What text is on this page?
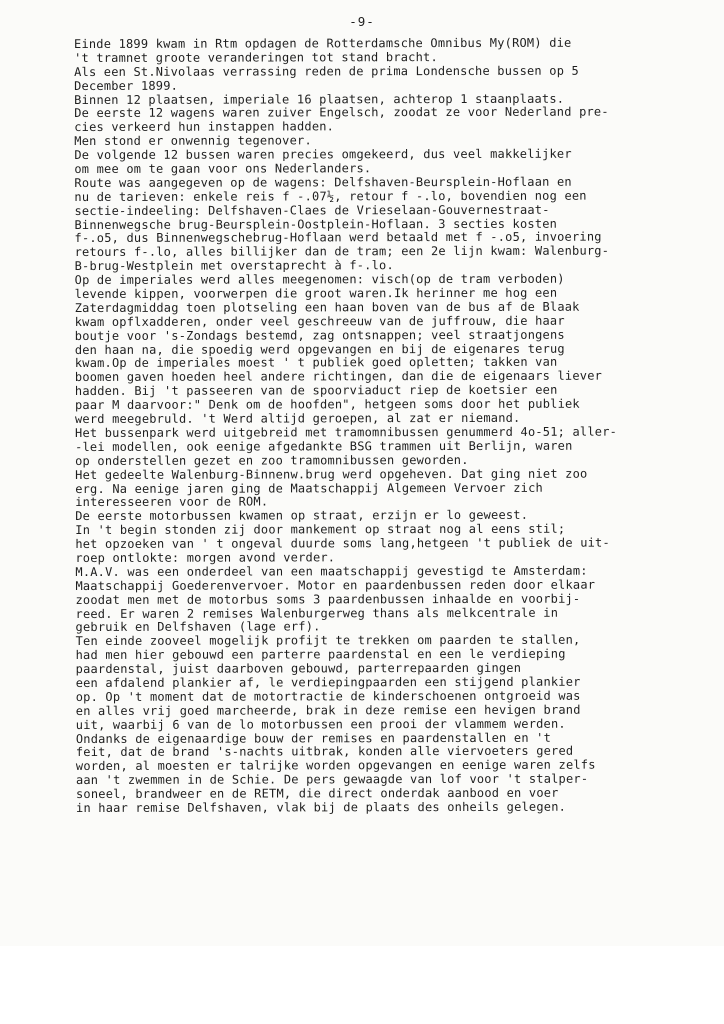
-9-
Einde 1899 kwam in Rtm opdagen de Rotterdamsche Omnibus My(ROM) die
't tramnet groote veranderingen tot stand bracht.
Als een St.Nivolaas verrassing reden de prima Londensche bussen op 5
December 1899.
Binnen 12 plaatsen, imperiale 16 plaatsen, achterop 1 staanplaats.
De eerste 12 wagens waren zuiver Engelsch, zoodat ze voor Nederland pre-
cies verkeerd hun instappen hadden.
Men stond er onwennig tegenover.
De volgende 12 bussen waren precies omgekeerd, dus veel makkelijker
om mee om te gaan voor ons Nederlanders.
Route was aangegeven op de wagens: Delfshaven-Beursplein-Hoflaan en
nu de tarieven: enkele reis f -.07½, retour f -.lo, bovendien nog een
sectie-indeeling: Delfshaven-Claes de Vrieselaan-Gouvernestraat-
Binnenwegsche brug-Beursplein-Oostplein-Hoflaan. 3 secties kosten
f-.o5, dus Binnenwegschebrug-Hoflaan werd betaald met f -.o5, invoering
retours f-.lo, alles billijker dan de tram; een 2e lijn kwam: Walenburg-
B-brug-Westplein met overstaprecht à f-.lo.
Op de imperiales werd alles meegenomen: visch(op de tram verboden)
levende kippen, voorwerpen die groot waren.Ik herinner me hog een
Zaterdagmiddag toen plotseling een haan boven van de bus af de Blaak
kwam opflxadderen, onder veel geschreeuw van de juffrouw, die haar
boutje voor 's-Zondags bestemd, zag ontsnappen; veel straatjongens
den haan na, die spoedig werd opgevangen en bij de eigenares terug
kwam.Op de imperiales moest ' t publiek goed opletten; takken van
boomen gaven hoeden heel andere richtingen, dan die de eigenaars liever
hadden. Bij 't passeeren van de spoorviaduct riep de koetsier een
paar M daarvoor:" Denk om de hoofden", hetgeen soms door het publiek
werd meegebruld. 't Werd altijd geroepen, al zat er niemand.
Het bussenpark werd uitgebreid met tramomnibussen genummerd 4o-51; aller-
-lei modellen, ook eenige afgedankte BSG trammen uit Berlijn, waren
op onderstellen gezet en zoo tramomnibussen geworden.
Het gedeelte Walenburg-Binnenw.brug werd opgeheven. Dat ging niet zoo
erg. Na eenige jaren ging de Maatschappij Algemeen Vervoer zich
interesseeren voor de ROM.
De eerste motorbussen kwamen op straat, erzijn er lo geweest.
In 't begin stonden zij door mankement op straat nog al eens stil;
het opzoeken van ' t ongeval duurde soms lang,hetgeen 't publiek de uit-
roep ontlokte: morgen avond verder.
M.A.V. was een onderdeel van een maatschappij gevestigd te Amsterdam:
Maatschappij Goederenvervoer. Motor en paardenbussen reden door elkaar
zoodat men met de motorbus soms 3 paardenbussen inhaalde en voorbij-
reed. Er waren 2 remises Walenburgerweg thans als melkcentrale in
gebruik en Delfshaven (lage erf).
Ten einde zooveel mogelijk profijt te trekken om paarden te stallen,
had men hier gebouwd een parterre paardenstal en een le verdieping
paardenstal, juist daarboven gebouwd, parterrepaarden gingen
een afdalend plankier af, le verdiepingpaarden een stijgend plankier
op. Op 't moment dat de motortractie de kinderschoenen ontgroeid was
en alles vrij goed marcheerde, brak in deze remise een hevigen brand
uit, waarbij 6 van de lo motorbussen een prooi der vlammem werden.
Ondanks de eigenaardige bouw der remises en paardenstallen en 't
feit, dat de brand 's-nachts uitbrak, konden alle viervoeters gered
worden, al moesten er talrijke worden opgevangen en eenige waren zelfs
aan 't zwemmen in de Schie. De pers gewaagde van lof voor 't stalper-
soneel, brandweer en de RETM, die direct onderdak aanbood en voer
in haar remise Delfshaven, vlak bij de plaats des onheils gelegen.
